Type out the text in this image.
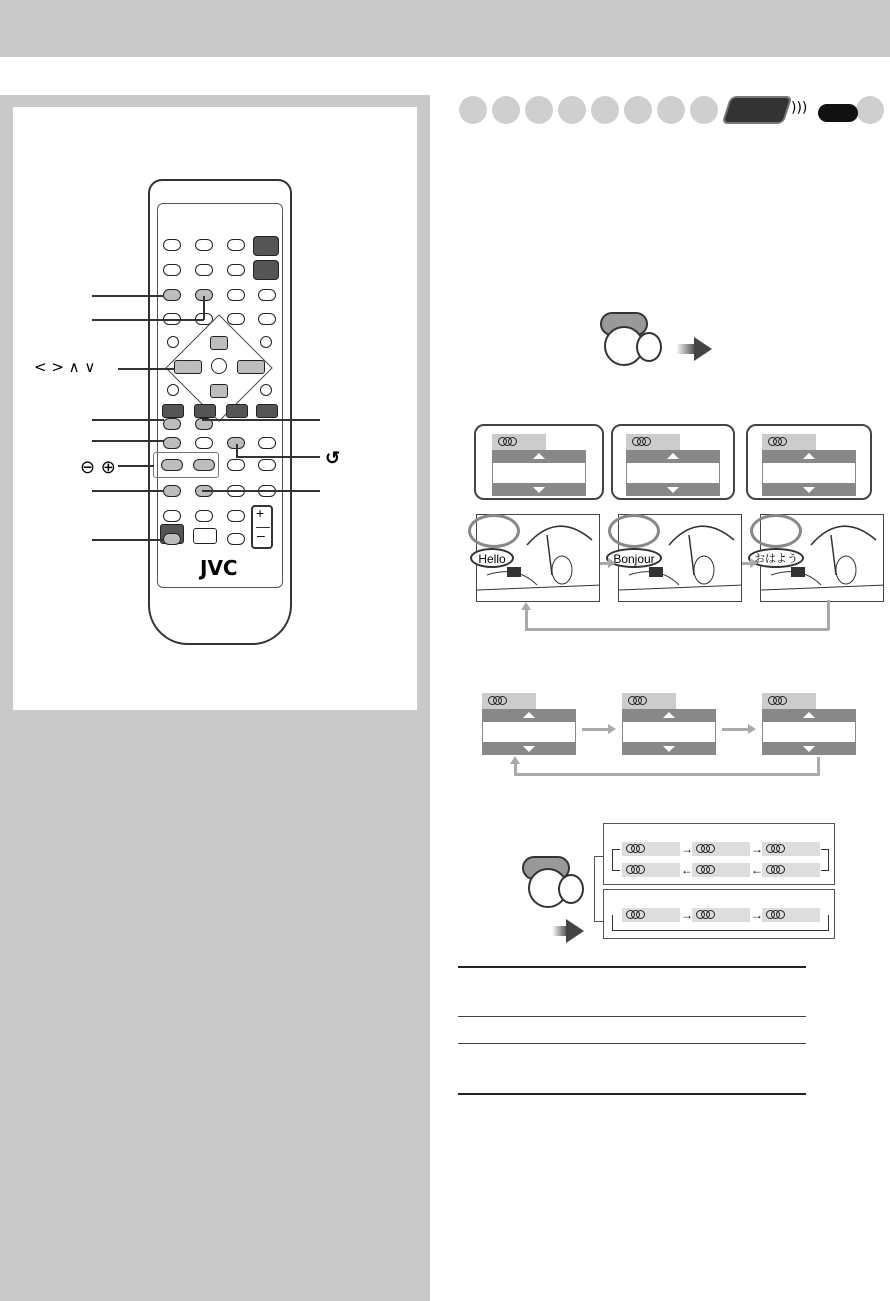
+
–
JVC
< > ∧ ∨
↺
⊖ ⊕
)))
Hello	Bonjour	おはよう
→	→
←	←
→	→
